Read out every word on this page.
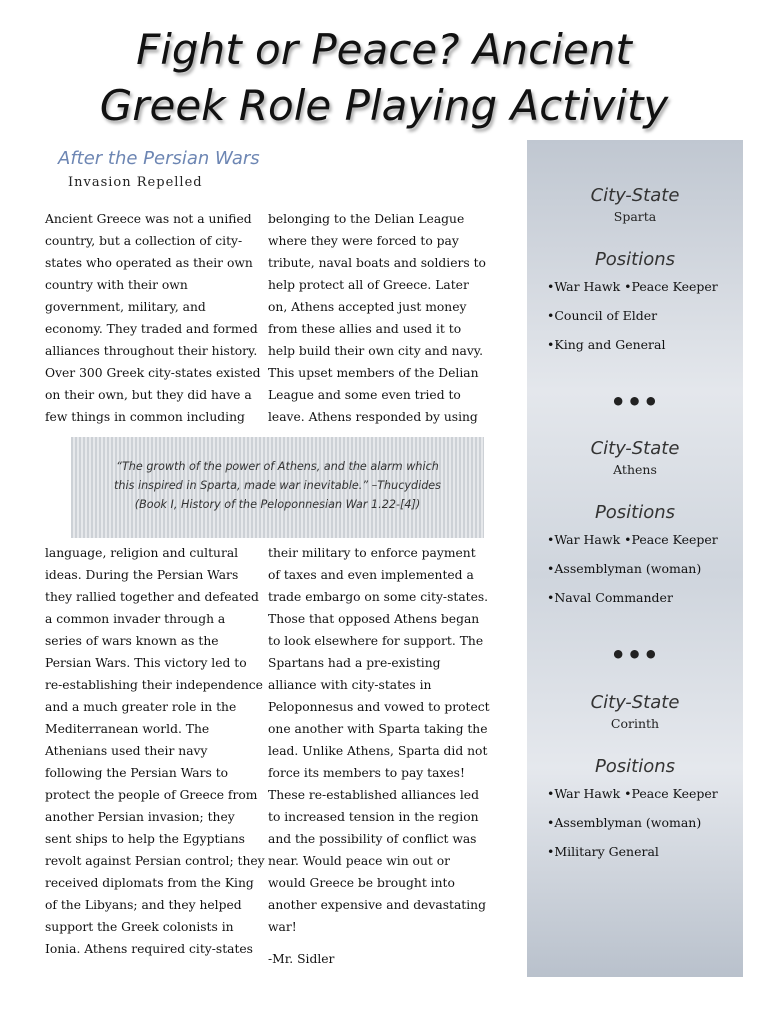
Fight or Peace? Ancient
Greek Role Playing Activity
After the Persian Wars
Invasion Repelled

Ancient Greece was not a unified country, but a collection of city-states who operated as their own country with their own government, military, and economy. They traded and formed alliances throughout their history. Over 300 Greek city-states existed on their own, but they did have a few things in common including

belonging to the Delian League where they were forced to pay tribute, naval boats and soldiers to help protect all of Greece. Later on, Athens accepted just money from these allies and used it to help build their own city and navy. This upset members of the Delian League and some even tried to leave. Athens responded by using

“The growth of the power of Athens, and the alarm which
this inspired in Sparta, made war inevitable.” –Thucydides
(Book I, History of the Peloponnesian War 1.22-[4])

language, religion and cultural ideas. During the Persian Wars they rallied together and defeated a common invader through a series of wars known as the Persian Wars. This victory led to re-establishing their independence and a much greater role in the Mediterranean world. The Athenians used their navy following the Persian Wars to protect the people of Greece from another Persian invasion; they sent ships to help the Egyptians revolt against Persian control; they received diplomats from the King of the Libyans; and they helped support the Greek colonists in Ionia. Athens required city-states

their military to enforce payment of taxes and even implemented a trade embargo on some city-states. Those that opposed Athens began to look elsewhere for support. The Spartans had a pre-existing alliance with city-states in Peloponnesus and vowed to protect one another with Sparta taking the lead. Unlike Athens, Sparta did not force its members to pay taxes! These re-established alliances led to increased tension in the region and the possibility of conflict was near. Would peace win out or would Greece be brought into another expensive and devastating war!
-Mr. Sidler
City-State
Sparta
Positions
•War Hawk •Peace Keeper
•Council of Elder
•King and General
•••
City-State
Athens
Positions
•War Hawk •Peace Keeper
•Assemblyman (woman)
•Naval Commander
•••
City-State
Corinth
Positions
•War Hawk •Peace Keeper
•Assemblyman (woman)
•Military General
